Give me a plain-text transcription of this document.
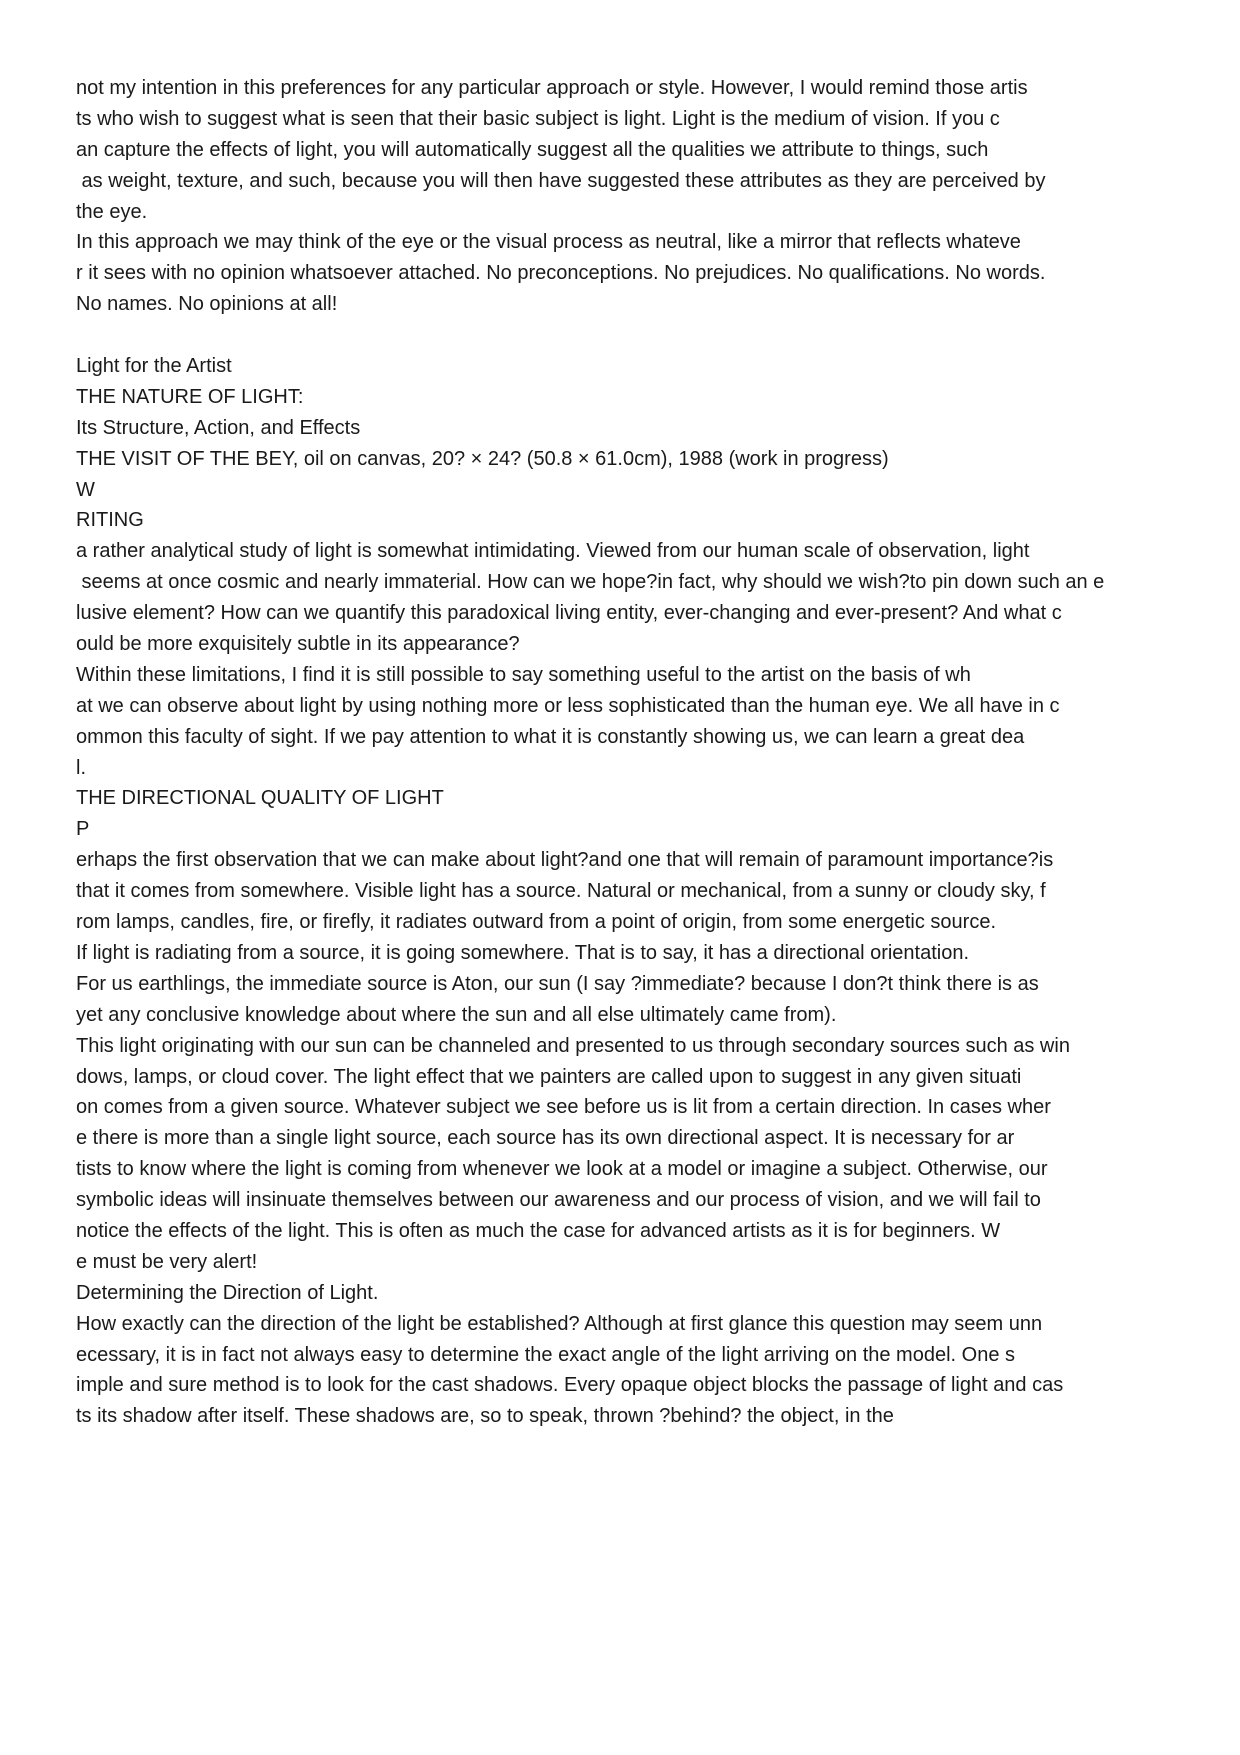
not my intention in this preferences for any particular approach or style. However, I would remind those artis
ts who wish to suggest what is seen that their basic subject is light. Light is the medium of vision. If you c
an capture the effects of light, you will automatically suggest all the qualities we attribute to things, such
as weight, texture, and such, because you will then have suggested these attributes as they are perceived by
the eye.
In this approach we may think of the eye or the visual process as neutral, like a mirror that reflects whateve
r it sees with no opinion whatsoever attached. No preconceptions. No prejudices. No qualifications. No words.
No names. No opinions at all!
Light for the Artist
THE NATURE OF LIGHT:
Its Structure, Action, and Effects
THE VISIT OF THE BEY, oil on canvas, 20? × 24? (50.8 × 61.0cm), 1988 (work in progress)
W
RITING
a rather analytical study of light is somewhat intimidating. Viewed from our human scale of observation, light
seems at once cosmic and nearly immaterial. How can we hope?in fact, why should we wish?to pin down such an e
lusive element? How can we quantify this paradoxical living entity, ever-changing and ever-present? And what c
ould be more exquisitely subtle in its appearance?
Within these limitations, I find it is still possible to say something useful to the artist on the basis of wh
at we can observe about light by using nothing more or less sophisticated than the human eye. We all have in c
ommon this faculty of sight. If we pay attention to what it is constantly showing us, we can learn a great dea
l.
THE DIRECTIONAL QUALITY OF LIGHT
P
erhaps the first observation that we can make about light?and one that will remain of paramount importance?is
that it comes from somewhere. Visible light has a source. Natural or mechanical, from a sunny or cloudy sky, f
rom lamps, candles, fire, or firefly, it radiates outward from a point of origin, from some energetic source.
If light is radiating from a source, it is going somewhere. That is to say, it has a directional orientation.
For us earthlings, the immediate source is Aton, our sun (I say ?immediate? because I don?t think there is as
yet any conclusive knowledge about where the sun and all else ultimately came from).
This light originating with our sun can be channeled and presented to us through secondary sources such as win
dows, lamps, or cloud cover. The light effect that we painters are called upon to suggest in any given situati
on comes from a given source. Whatever subject we see before us is lit from a certain direction. In cases wher
e there is more than a single light source, each source has its own directional aspect. It is necessary for ar
tists to know where the light is coming from whenever we look at a model or imagine a subject. Otherwise, our
symbolic ideas will insinuate themselves between our awareness and our process of vision, and we will fail to
notice the effects of the light. This is often as much the case for advanced artists as it is for beginners. W
e must be very alert!
Determining the Direction of Light.
How exactly can the direction of the light be established? Although at first glance this question may seem unn
ecessary, it is in fact not always easy to determine the exact angle of the light arriving on the model. One s
imple and sure method is to look for the cast shadows. Every opaque object blocks the passage of light and cas
ts its shadow after itself. These shadows are, so to speak, thrown ?behind? the object, in the
